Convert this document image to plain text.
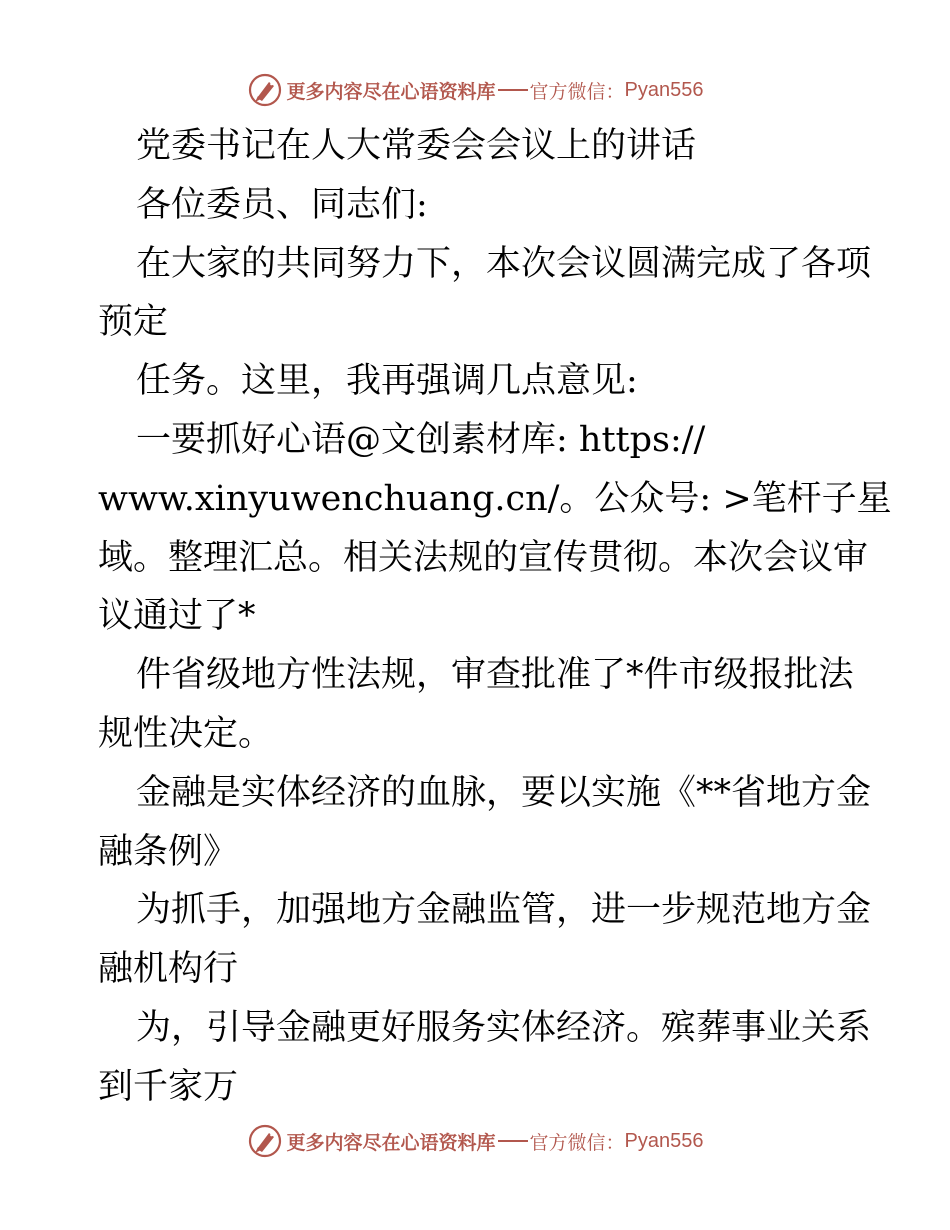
更多内容尽在心语资料库 官方微信： Pyan556
党委书记在人大常委会会议上的讲话
各位委员、同志们:
在大家的共同努力下，本次会议圆满完成了各项
预定
任务。这里，我再强调几点意见:
一要抓好心语@文创素材库: https://
www.xinyuwenchuang.cn/。公众号: >笔杆子星
域。整理汇总。相关法规的宣传贯彻。本次会议审
议通过了*
件省级地方性法规，审查批准了*件市级报批法
规性决定。
金融是实体经济的血脉，要以实施《**省地方金
融条例》
为抓手，加强地方金融监管，进一步规范地方金
融机构行
为，引导金融更好服务实体经济。殡葬事业关系
到千家万
更多内容尽在心语资料库 官方微信： Pyan556
